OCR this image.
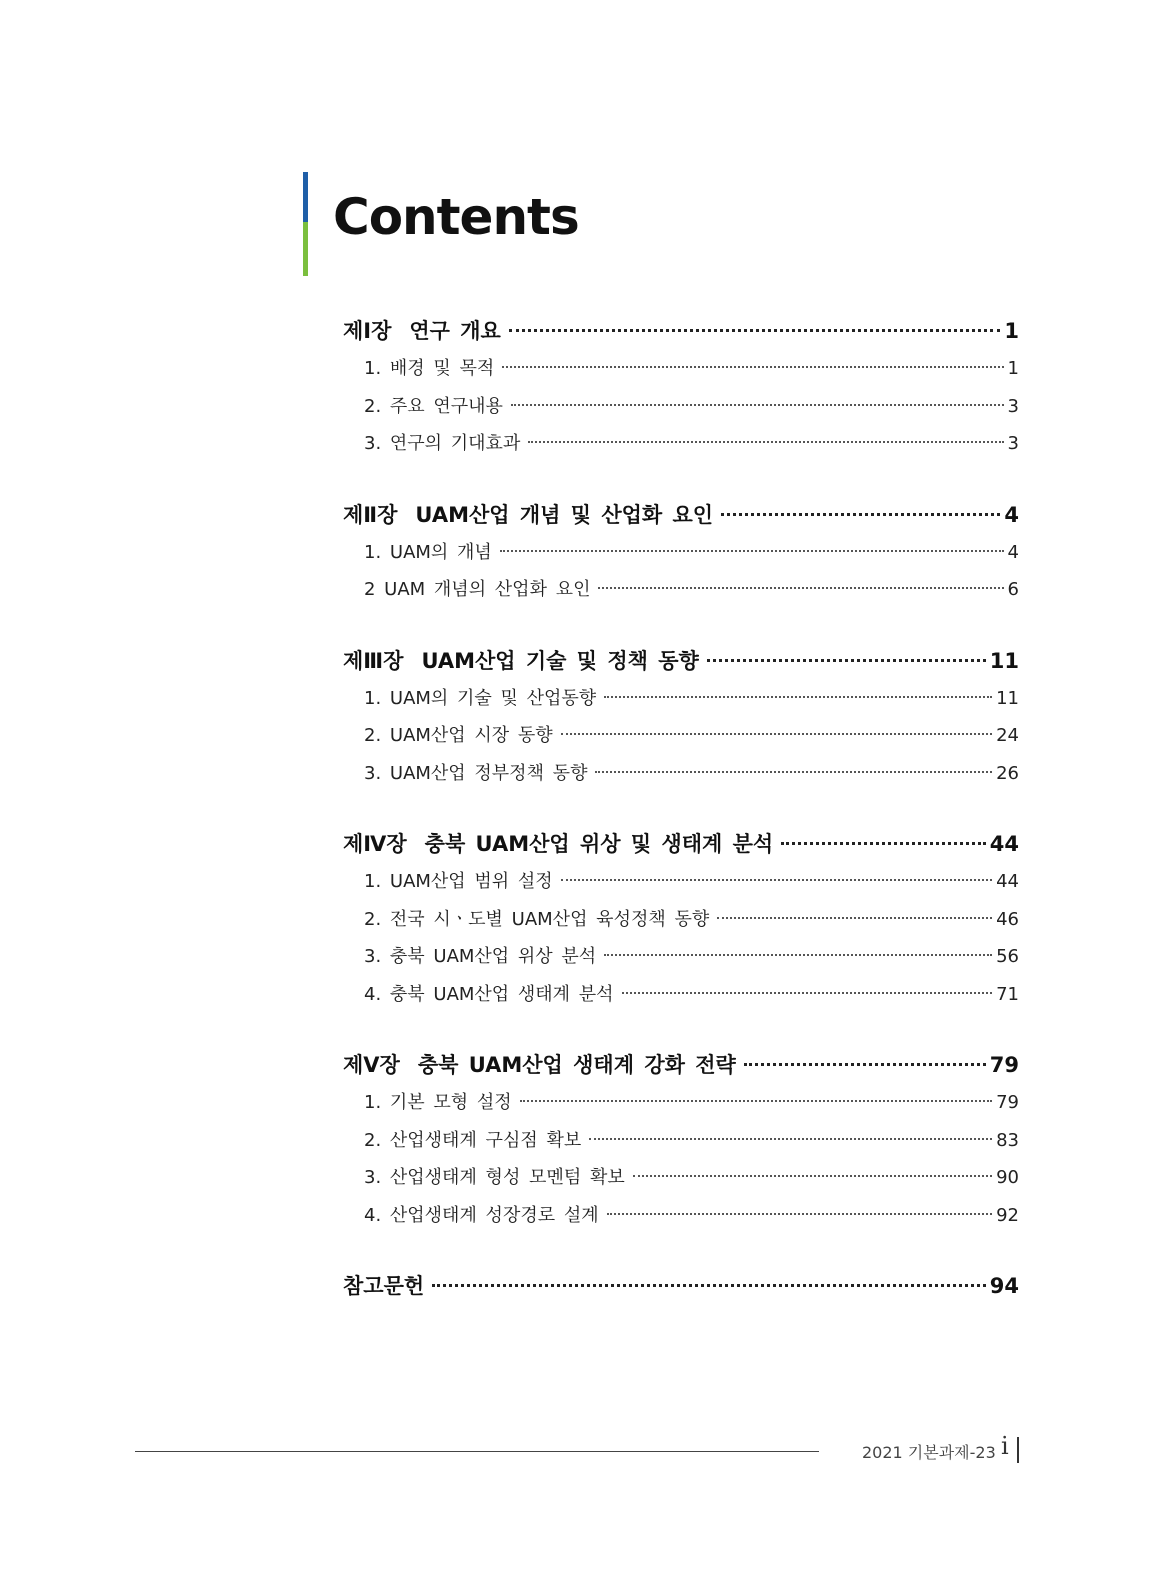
Contents
제Ⅰ장 연구 개요	1
1. 배경 및 목적	1
2. 주요 연구내용	3
3. 연구의 기대효과	3
제Ⅱ장 UAM산업 개념 및 산업화 요인	4
1. UAM의 개념	4
2 UAM 개념의 산업화 요인	6
제Ⅲ장 UAM산업 기술 및 정책 동향	11
1. UAM의 기술 및 산업동향	11
2. UAM산업 시장 동향	24
3. UAM산업 정부정책 동향	26
제Ⅳ장 충북 UAM산업 위상 및 생태계 분석	44
1. UAM산업 범위 설정	44
2. 전국 시ㆍ도별 UAM산업 육성정책 동향	46
3. 충북 UAM산업 위상 분석	56
4. 충북 UAM산업 생태계 분석	71
제Ⅴ장 충북 UAM산업 생태계 강화 전략	79
1. 기본 모형 설정	79
2. 산업생태계 구심점 확보	83
3. 산업생태계 형성 모멘텀 확보	90
4. 산업생태계 성장경로 설계	92
참고문헌	94
2021 기본과제-23 i
